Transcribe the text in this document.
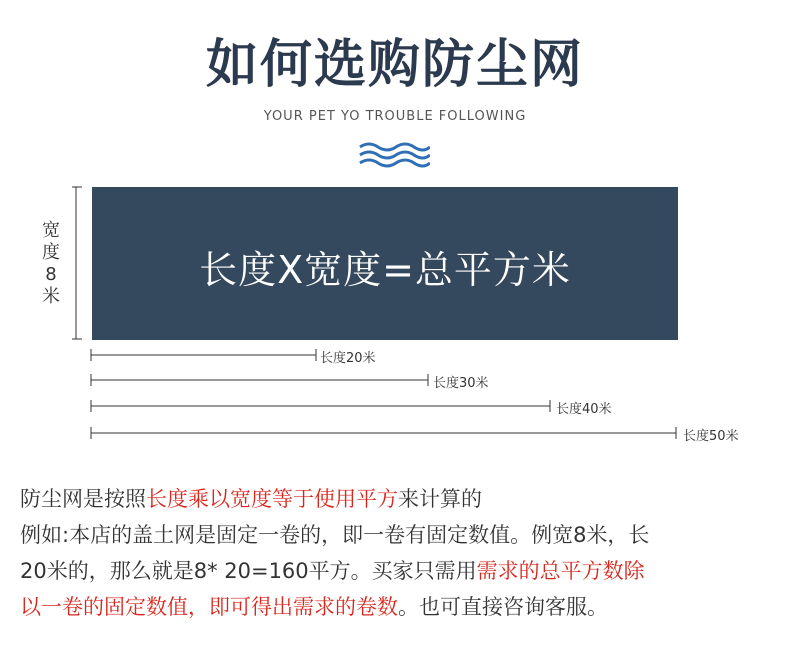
如何选购防尘网
YOUR PET YO TROUBLE FOLLOWING
宽
度
8
米
长度X宽度=总平方米
长度20米
长度30米
长度40米
长度50米
防尘网是按照长度乘以宽度等于使用平方来计算的
例如:本店的盖土网是固定一卷的，即一卷有固定数值。例宽8米，长
20米的，那么就是8* 20=160平方。买家只需用需求的总平方数除
以一卷的固定数值，即可得出需求的卷数。也可直接咨询客服。
